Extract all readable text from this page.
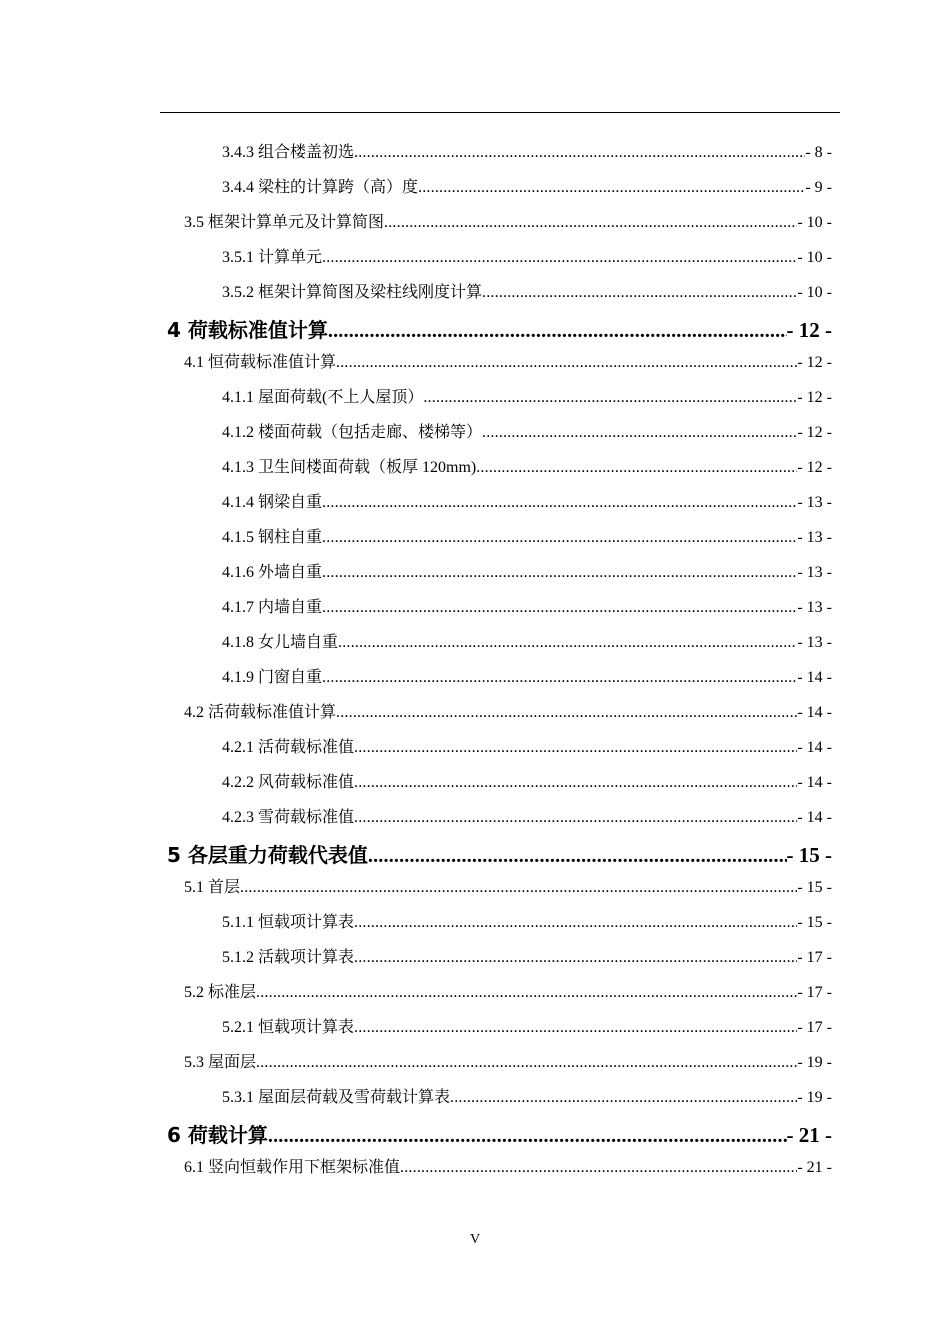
3.4.3 组合楼盖初选 .....	- 8 -
3.4.4 梁柱的计算跨（高）度 .....	- 9 -
3.5 框架计算单元及计算简图 .....	- 10 -
3.5.1 计算单元 .....	- 10 -
3.5.2 框架计算简图及梁柱线刚度计算 .....	- 10 -
4 荷载标准值计算 .....	- 12 -
4.1 恒荷载标准值计算 .....	- 12 -
4.1.1 屋面荷载(不上人屋顶） .....	- 12 -
4.1.2 楼面荷载（包括走廊、楼梯等） .....	- 12 -
4.1.3 卫生间楼面荷载（板厚 120mm) .....	- 12 -
4.1.4 钢梁自重 .....	- 13 -
4.1.5 钢柱自重 .....	- 13 -
4.1.6 外墙自重 .....	- 13 -
4.1.7 内墙自重 .....	- 13 -
4.1.8 女儿墙自重 .....	- 13 -
4.1.9 门窗自重 .....	- 14 -
4.2 活荷载标准值计算 .....	- 14 -
4.2.1 活荷载标准值 .....	- 14 -
4.2.2 风荷载标准值 .....	- 14 -
4.2.3 雪荷载标准值 .....	- 14 -
5 各层重力荷载代表值 .....	- 15 -
5.1 首层 .....	- 15 -
5.1.1 恒载项计算表 .....	- 15 -
5.1.2 活载项计算表 .....	- 17 -
5.2 标准层 .....	- 17 -
5.2.1 恒载项计算表 .....	- 17 -
5.3 屋面层 .....	- 19 -
5.3.1 屋面层荷载及雪荷载计算表 .....	- 19 -
6 荷载计算 .....	- 21 -
6.1 竖向恒载作用下框架标准值 .....	- 21 -
V
